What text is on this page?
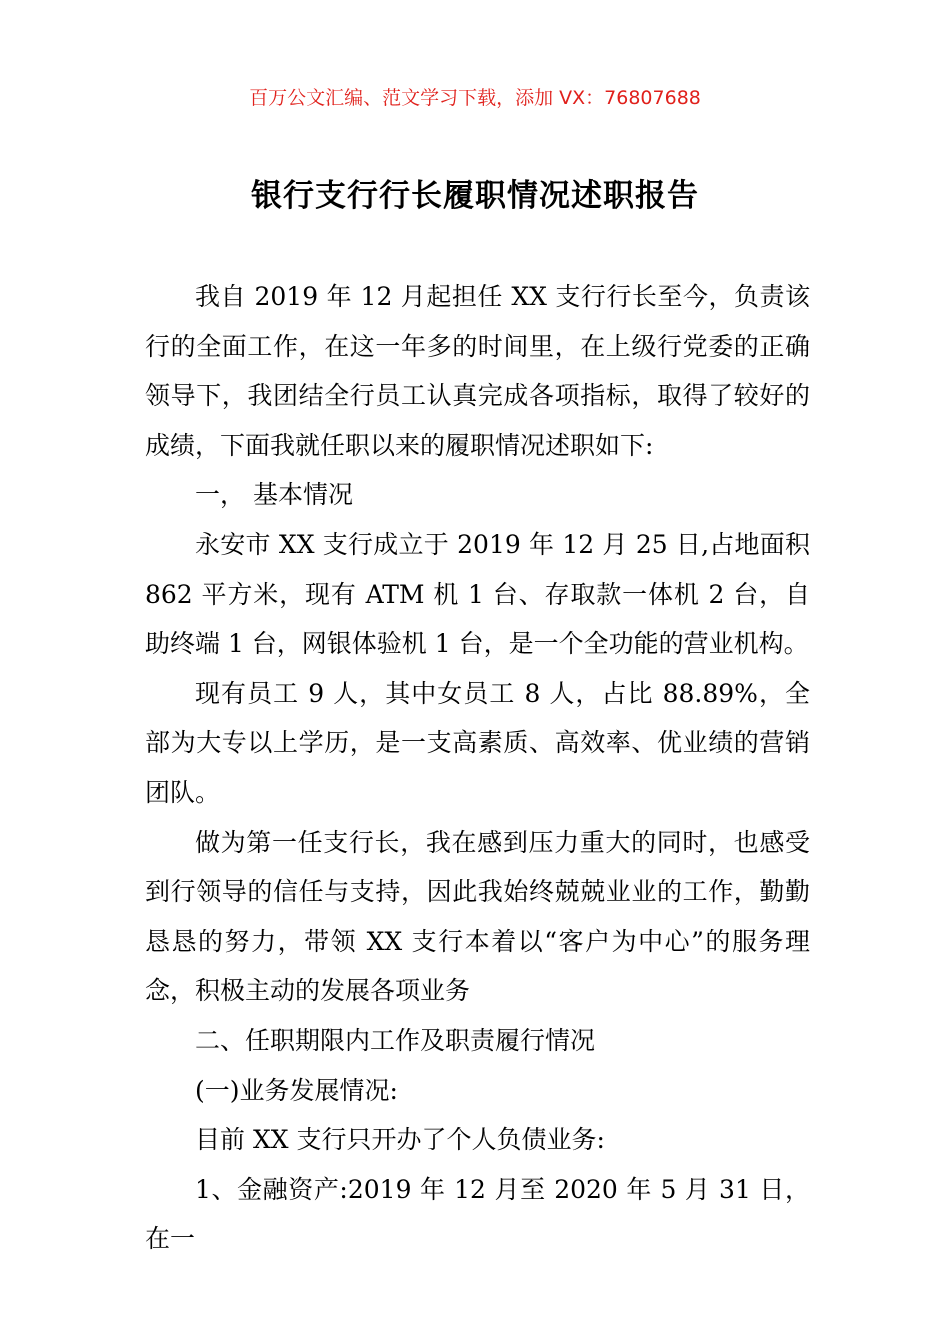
百万公文汇编、范文学习下载，添加 VX：76807688
银行支行行长履职情况述职报告

我自 2019 年 12 月起担任 XX 支行行长至今，负责该行的全面工作，在这一年多的时间里，在上级行党委的正确领导下，我团结全行员工认真完成各项指标，取得了较好的成绩，下面我就任职以来的履职情况述职如下:

一， 基本情况

永安市 XX 支行成立于 2019 年 12 月 25 日,占地面积 862 平方米，现有 ATM 机 1 台、存取款一体机 2 台，自助终端 1 台，网银体验机 1 台，是一个全功能的营业机构。

现有员工 9 人，其中女员工 8 人，占比 88.89%，全部为大专以上学历，是一支高素质、高效率、优业绩的营销团队。

做为第一任支行长，我在感到压力重大的同时，也感受到行领导的信任与支持，因此我始终兢兢业业的工作，勤勤恳恳的努力，带领 XX 支行本着以“客户为中心”的服务理念，积极主动的发展各项业务

二、任职期限内工作及职责履行情况

(一)业务发展情况:

目前 XX 支行只开办了个人负债业务:

1、金融资产:2019 年 12 月至 2020 年 5 月 31 日，在一
